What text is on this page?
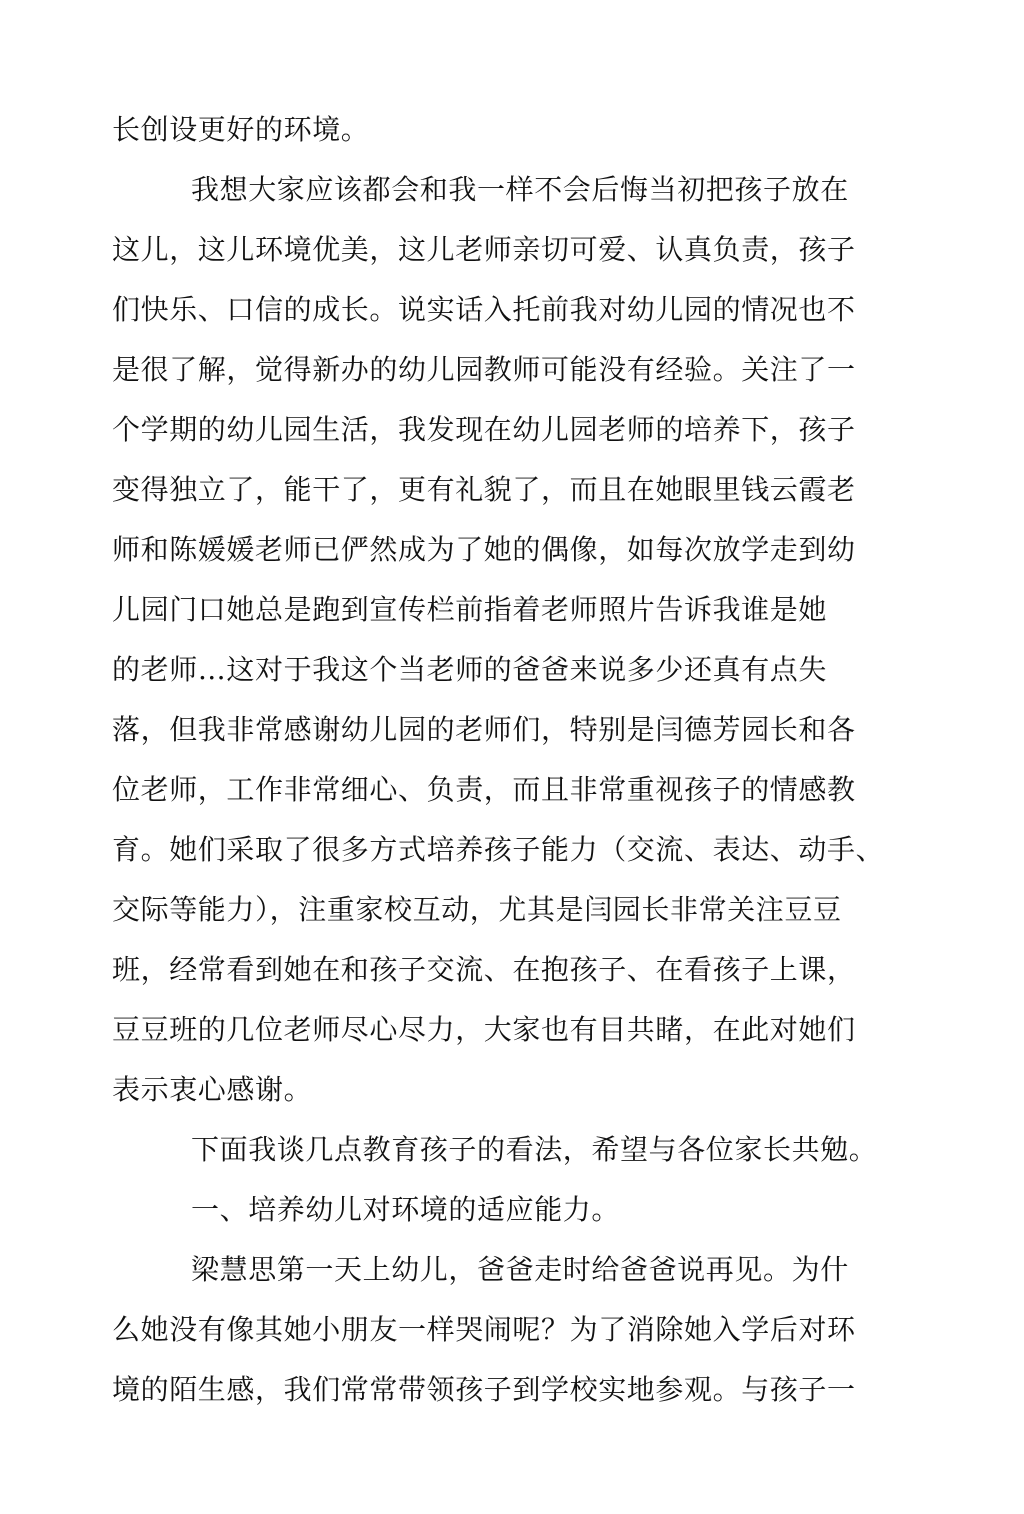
长创设更好的环境。
我想大家应该都会和我一样不会后悔当初把孩子放在
这儿，这儿环境优美，这儿老师亲切可爱、认真负责，孩子
们快乐、口信的成长。说实话入托前我对幼儿园的情况也不
是很了解，觉得新办的幼儿园教师可能没有经验。关注了一
个学期的幼儿园生活，我发现在幼儿园老师的培养下，孩子
变得独立了，能干了，更有礼貌了，而且在她眼里钱云霞老
师和陈媛媛老师已俨然成为了她的偶像，如每次放学走到幼
儿园门口她总是跑到宣传栏前指着老师照片告诉我谁是她
的老师…这对于我这个当老师的爸爸来说多少还真有点失
落，但我非常感谢幼儿园的老师们，特别是闫德芳园长和各
位老师，工作非常细心、负责，而且非常重视孩子的情感教
育。她们采取了很多方式培养孩子能力（交流、表达、动手、
交际等能力），注重家校互动，尤其是闫园长非常关注豆豆
班，经常看到她在和孩子交流、在抱孩子、在看孩子上课，
豆豆班的几位老师尽心尽力，大家也有目共睹，在此对她们
表示衷心感谢。
下面我谈几点教育孩子的看法，希望与各位家长共勉。
一、培养幼儿对环境的适应能力。
梁慧思第一天上幼儿，爸爸走时给爸爸说再见。为什
么她没有像其她小朋友一样哭闹呢？为了消除她入学后对环
境的陌生感，我们常常带领孩子到学校实地参观。与孩子一
